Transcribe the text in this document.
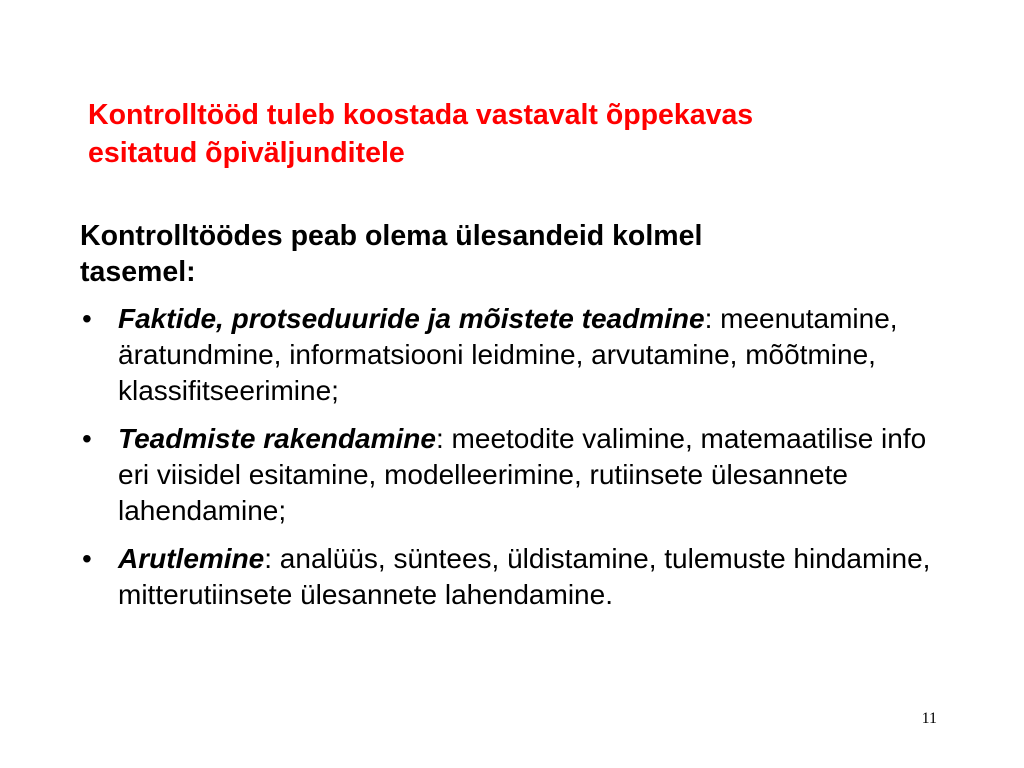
Kontrolltööd tuleb koostada vastavalt õppekavas
esitatud õpiväljunditele
Kontrolltöödes peab olema ülesandeid kolmel
tasemel:
• Faktide, protseduuride ja mõistete teadmine: meenutamine, äratundmine, informatsiooni leidmine, arvutamine, mõõtmine, klassifitseerimine;
• Teadmiste rakendamine: meetodite valimine, matemaatilise info eri viisidel esitamine, modelleerimine, rutiinsete ülesannete lahendamine;
• Arutlemine: analüüs, süntees, üldistamine, tulemuste hindamine, mitterutiinsete ülesannete lahendamine.
11
